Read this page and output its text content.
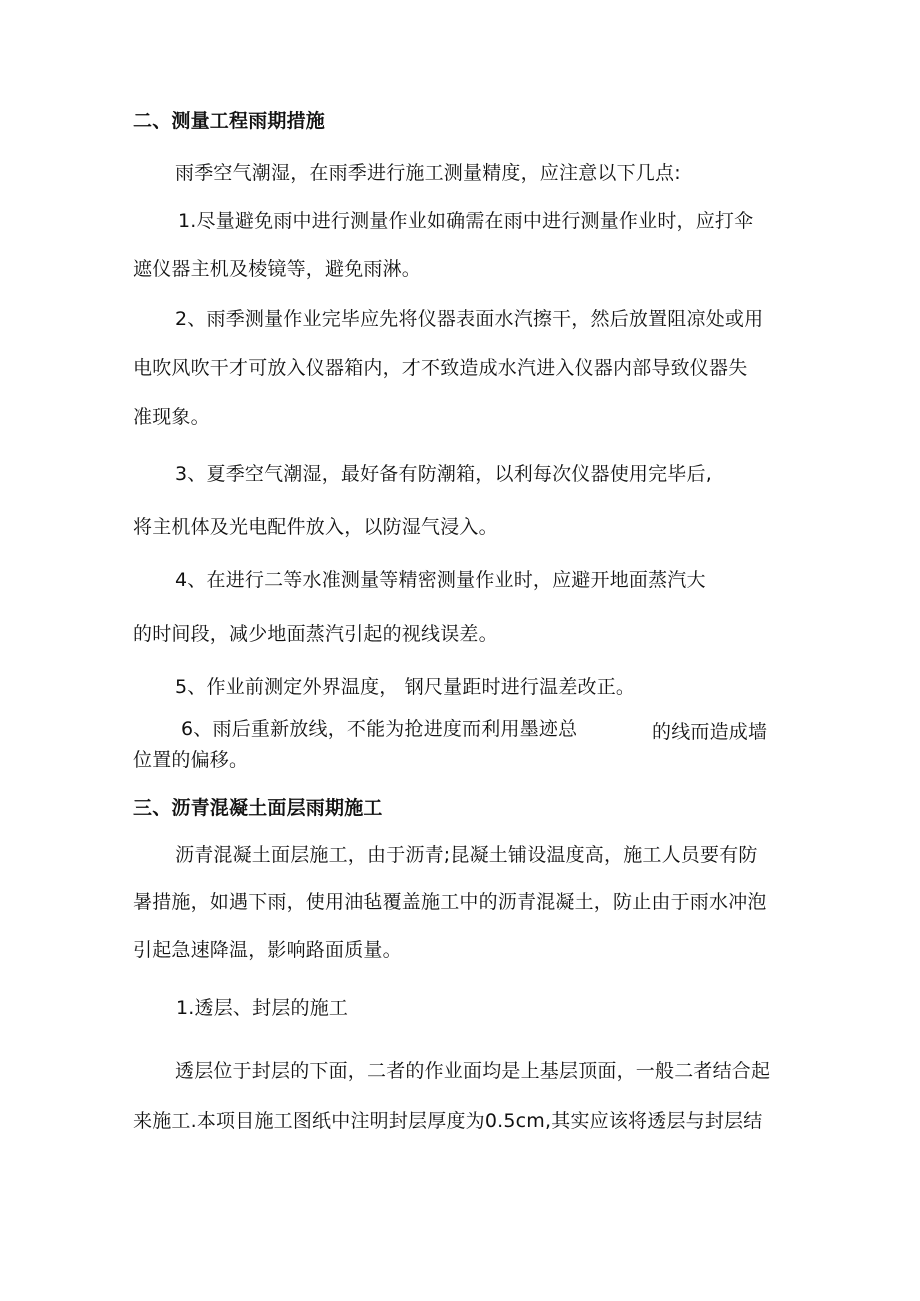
二、测量工程雨期措施
雨季空气潮湿，在雨季进行施工测量精度，应注意以下几点:
1.尽量避免雨中进行测量作业如确需在雨中进行测量作业时，应打伞
遮仪器主机及棱镜等，避免雨淋。
2、雨季测量作业完毕应先将仪器表面水汽擦干，然后放置阻凉处或用
电吹风吹干才可放入仪器箱内，才不致造成水汽进入仪器内部导致仪器失
准现象。
3、夏季空气潮湿，最好备有防潮箱，以利每次仪器使用完毕后,
将主机体及光电配件放入，以防湿气浸入。
4、在进行二等水准测量等精密测量作业时，应避开地面蒸汽大
的时间段，减少地面蒸汽引起的视线误差。
5、作业前测定外界温度， 钢尺量距时进行温差改正。
6、雨后重新放线，不能为抢进度而利用墨迹总	的线而造成墙
位置的偏移。
三、沥青混凝土面层雨期施工
沥青混凝土面层施工，由于沥青;昆凝土铺设温度高，施工人员要有防
暑措施，如遇下雨，使用油毡覆盖施工中的沥青混凝土，防止由于雨水冲泡
引起急速降温，影响路面质量。
1.透层、封层的施工
透层位于封层的下面，二者的作业面均是上基层顶面，一般二者结合起
来施工.本项目施工图纸中注明封层厚度为0.5cm,其实应该将透层与封层结
